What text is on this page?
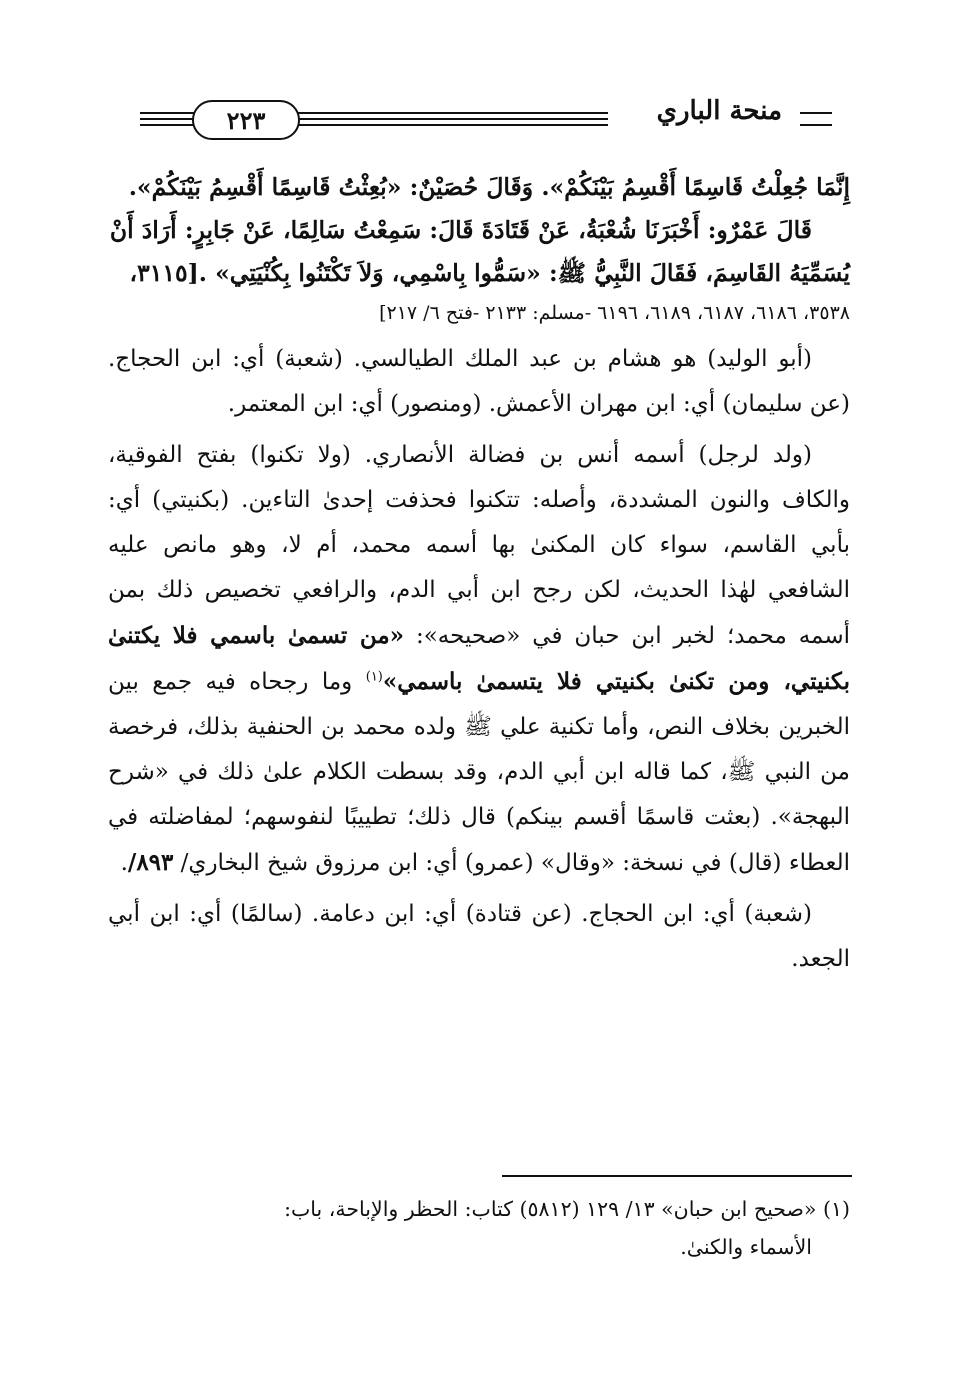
٢٢٣	منحة الباري

إِنَّمَا جُعِلْتُ قَاسِمًا أَقْسِمُ بَيْنَكُمْ». وَقَالَ حُصَيْنٌ: «بُعِثْتُ قَاسِمًا أَقْسِمُ بَيْنَكُمْ».

قَالَ عَمْرٌو: أَخْبَرَنَا شُعْبَةُ، عَنْ قَتَادَةَ قَالَ: سَمِعْتُ سَالِمًا، عَنْ جَابِرٍ: أَرَادَ أَنْ

يُسَمِّيَهُ القَاسِمَ، فَقَالَ النَّبِيُّ ﷺ: «سَمُّوا بِاسْمِي، وَلاَ تَكْتَنُوا بِكُنْيَتِي» .[٣١١٥،

٣٥٣٨، ٦١٨٦، ٦١٨٧، ٦١٨٩، ٦١٩٦ -مسلم: ٢١٣٣ -فتح ٦/ ٢١٧]

(أبو الوليد) هو هشام بن عبد الملك الطيالسي. (شعبة) أي: ابن الحجاج. (عن سليمان) أي: ابن مهران الأعمش. (ومنصور) أي: ابن المعتمر.

(ولد لرجل) أسمه أنس بن فضالة الأنصاري. (ولا تكنوا) بفتح الفوقية، والكاف والنون المشددة، وأصله: تتكنوا فحذفت إحدىٰ التاءين. (بكنيتي) أي: بأبي القاسم، سواء كان المكنىٰ بها أسمه محمد، أم لا، وهو مانص عليه الشافعي لهٰذا الحديث، لكن رجح ابن أبي الدم، والرافعي تخصيص ذلك بمن أسمه محمد؛ لخبر ابن حبان في «صحيحه»: «من تسمىٰ باسمي فلا يكتنىٰ بكنيتي، ومن تكنىٰ بكنيتي فلا يتسمىٰ باسمي»$^{(١)}$ وما رجحاه فيه جمع بين الخبرين بخلاف النص، وأما تكنية علي ﷺ ولده محمد بن الحنفية بذلك، فرخصة من النبي ﷺ، كما قاله ابن أبي الدم، وقد بسطت الكلام علىٰ ذلك في «شرح البهجة». (بعثت قاسمًا أقسم بينكم) قال ذلك؛ تطييبًا لنفوسهم؛ لمفاضلته في العطاء (قال) في نسخة: «وقال» (عمرو) أي: ابن مرزوق شيخ البخاري/ ٨٩٣/.

(شعبة) أي: ابن الحجاج. (عن قتادة) أي: ابن دعامة. (سالمًا) أي: ابن أبي الجعد.

(١) «صحيح ابن حبان» ١٣/ ١٢٩ (٥٨١٢) كتاب: الحظر والإباحة، باب:
الأسماء والكنىٰ.
